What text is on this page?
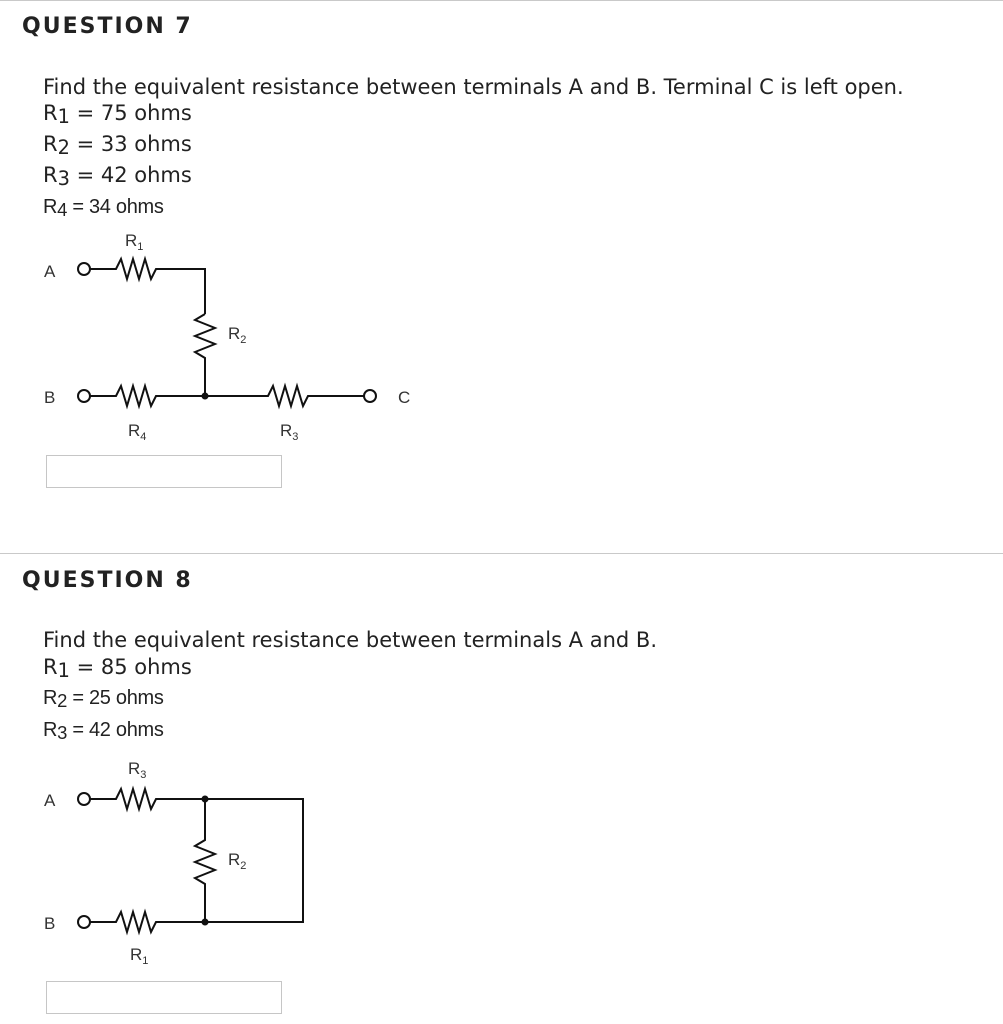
QUESTION 7
Find the equivalent resistance between terminals A and B. Terminal C is left open.
R1 = 75 ohms
R2 = 33 ohms
R3 = 42 ohms
R4 = 34 ohms
A
B	C
$R_1$
$R_2$
$R_4$	$R_3$
QUESTION 8
Find the equivalent resistance between terminals A and B.
R1 = 85 ohms
R2 = 25 ohms
R3 = 42 ohms
A
B
$R_3$
$R_2$
$R_1$
